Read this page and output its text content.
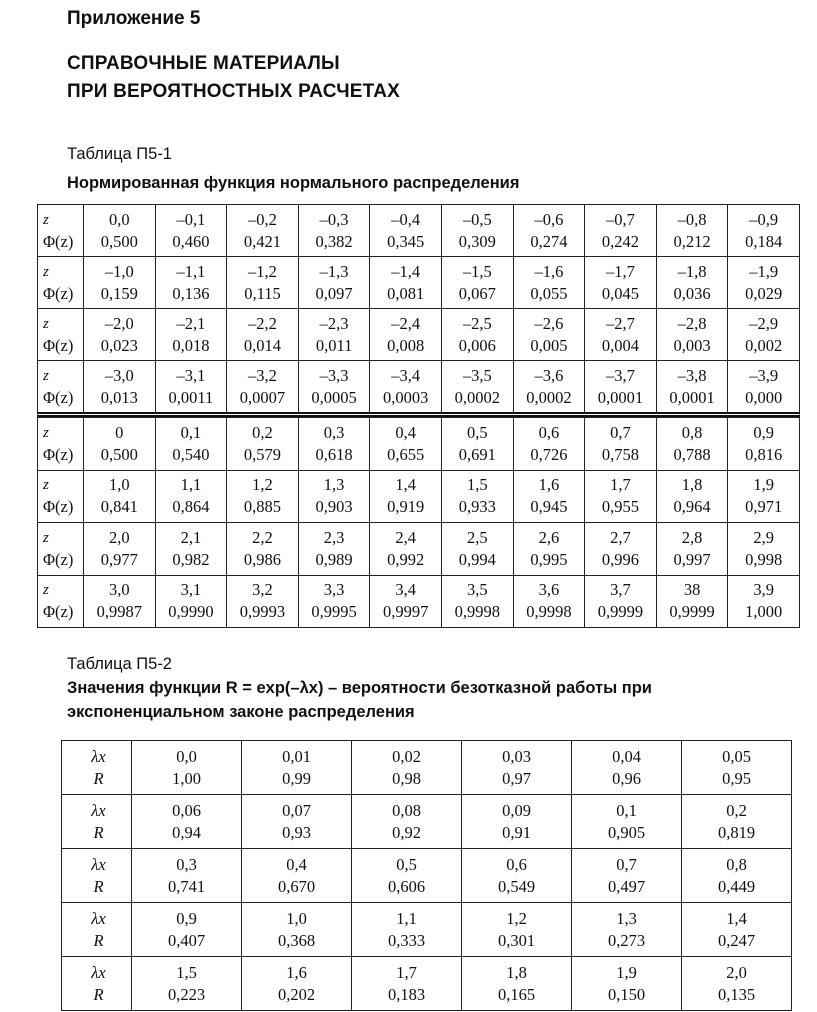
Приложение 5
СПРАВОЧНЫЕ МАТЕРИАЛЫ
ПРИ ВЕРОЯТНОСТНЫХ РАСЧЕТАХ
Таблица П5-1
Нормированная функция нормального распределения
z
Φ(z)
0,0
0,500
–0,1
0,460
–0,2
0,421
–0,3
0,382
–0,4
0,345
–0,5
0,309
–0,6
0,274
–0,7
0,242
–0,8
0,212
–0,9
0,184
z
Φ(z)
–1,0
0,159
–1,1
0,136
–1,2
0,115
–1,3
0,097
–1,4
0,081
–1,5
0,067
–1,6
0,055
–1,7
0,045
–1,8
0,036
–1,9
0,029
z
Φ(z)
–2,0
0,023
–2,1
0,018
–2,2
0,014
–2,3
0,011
–2,4
0,008
–2,5
0,006
–2,6
0,005
–2,7
0,004
–2,8
0,003
–2,9
0,002
z
Φ(z)
–3,0
0,013
–3,1
0,0011
–3,2
0,0007
–3,3
0,0005
–3,4
0,0003
–3,5
0,0002
–3,6
0,0002
–3,7
0,0001
–3,8
0,0001
–3,9
0,000
z
Φ(z)
0
0,500
0,1
0,540
0,2
0,579
0,3
0,618
0,4
0,655
0,5
0,691
0,6
0,726
0,7
0,758
0,8
0,788
0,9
0,816
z
Φ(z)
1,0
0,841
1,1
0,864
1,2
0,885
1,3
0,903
1,4
0,919
1,5
0,933
1,6
0,945
1,7
0,955
1,8
0,964
1,9
0,971
z
Φ(z)
2,0
0,977
2,1
0,982
2,2
0,986
2,3
0,989
2,4
0,992
2,5
0,994
2,6
0,995
2,7
0,996
2,8
0,997
2,9
0,998
z
Φ(z)
3,0
0,9987
3,1
0,9990
3,2
0,9993
3,3
0,9995
3,4
0,9997
3,5
0,9998
3,6
0,9998
3,7
0,9999
38
0,9999
3,9
1,000
Таблица П5-2
Значения функции R = exp(–λx) – вероятности безотказной работы при экспоненциальном законе распределения
λx
R
0,0
1,00
0,01
0,99
0,02
0,98
0,03
0,97
0,04
0,96
0,05
0,95
λx
R
0,06
0,94
0,07
0,93
0,08
0,92
0,09
0,91
0,1
0,905
0,2
0,819
λx
R
0,3
0,741
0,4
0,670
0,5
0,606
0,6
0,549
0,7
0,497
0,8
0,449
λx
R
0,9
0,407
1,0
0,368
1,1
0,333
1,2
0,301
1,3
0,273
1,4
0,247
λx
R
1,5
0,223
1,6
0,202
1,7
0,183
1,8
0,165
1,9
0,150
2,0
0,135
